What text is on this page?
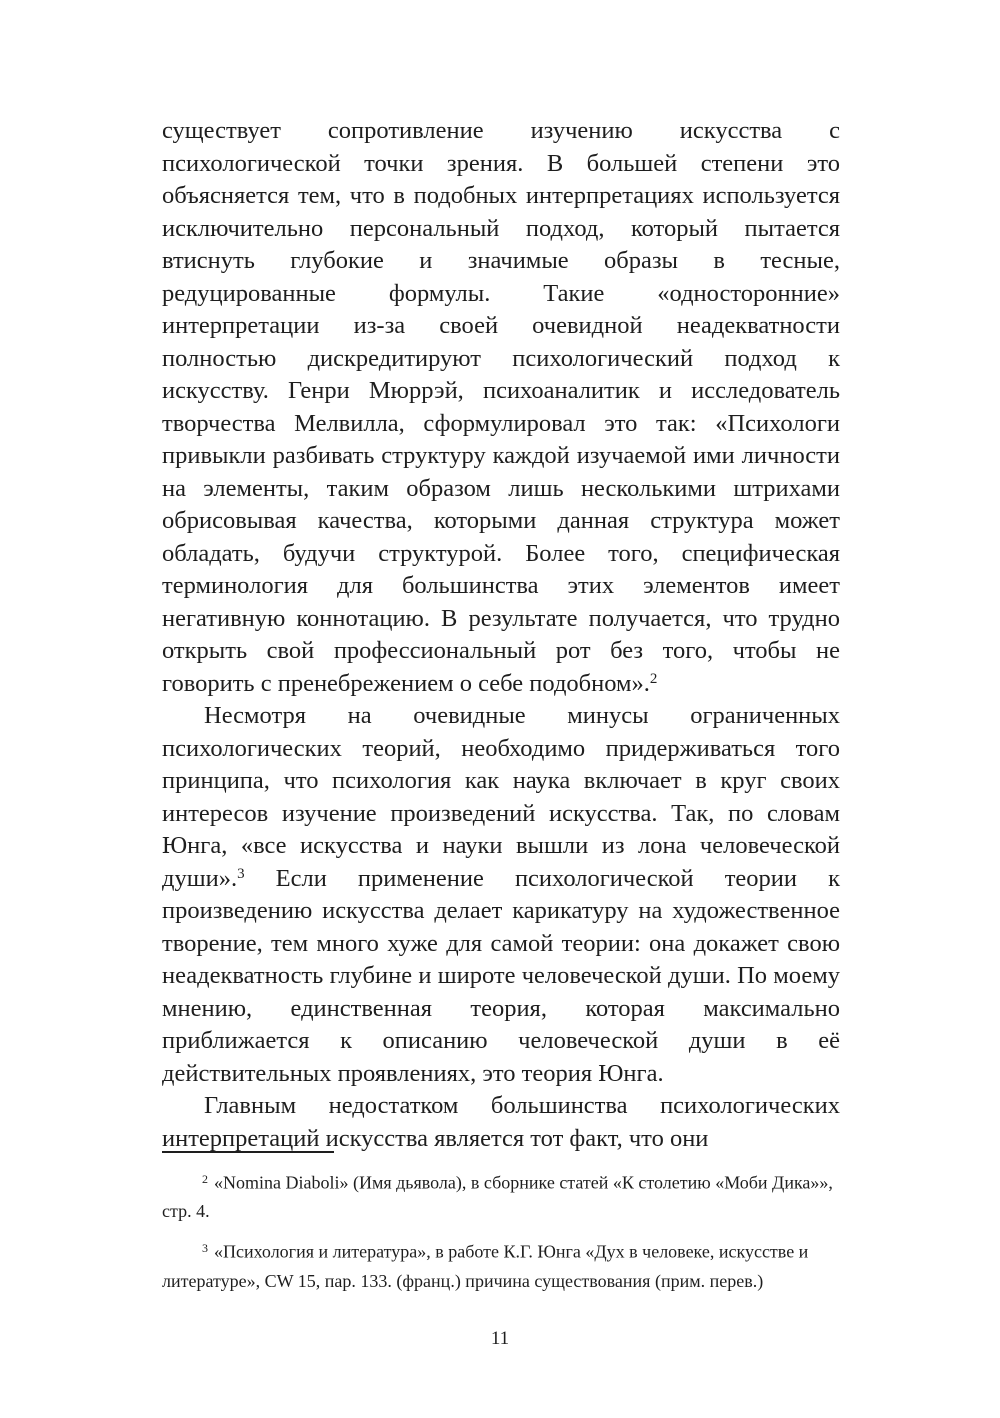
существует сопротивление изучению искусства с психологической точки зрения. В большей степени это объясняется тем, что в подобных интерпретациях используется исключительно персональный подход, который пытается втиснуть глубокие и значимые образы в тесные, редуцированные формулы. Такие «односторонние» интерпретации из-за своей очевидной неадекватности полностью дискредитируют психологический подход к искусству. Генри Мюррэй, психоаналитик и исследователь творчества Мелвилла, сформулировал это так: «Психологи привыкли разбивать структуру каждой изучаемой ими личности на элементы, таким образом лишь несколькими штрихами обрисовывая качества, которыми данная структура может обладать, будучи структурой. Более того, специфическая терминология для большинства этих элементов имеет негативную коннотацию. В результате получается, что трудно открыть свой профессиональный рот без того, чтобы не говорить с пренебрежением о себе подобном».$^2$

Несмотря на очевидные минусы ограниченных психологических теорий, необходимо придерживаться того принципа, что психология как наука включает в круг своих интересов изучение произведений искусства. Так, по словам Юнга, «все искусства и науки вышли из лона человеческой души».$^3$ Если применение психологической теории к произведению искусства делает карикатуру на художественное творение, тем много хуже для самой теории: она докажет свою неадекватность глубине и широте человеческой души. По моему мнению, единственная теория, которая максимально приближается к описанию человеческой души в её действительных проявлениях, это теория Юнга.

Главным недостатком большинства психологических интерпретаций искусства является тот факт, что они

$^2$ «Nomina Diaboli» (Имя дьявола), в сборнике статей «К столетию «Моби Дика»», стр. 4.

$^3$ «Психология и литература», в работе К.Г. Юнга «Дух в человеке, искусстве и литературе», CW 15, пар. 133. (франц.) причина существования (прим. перев.)

11
